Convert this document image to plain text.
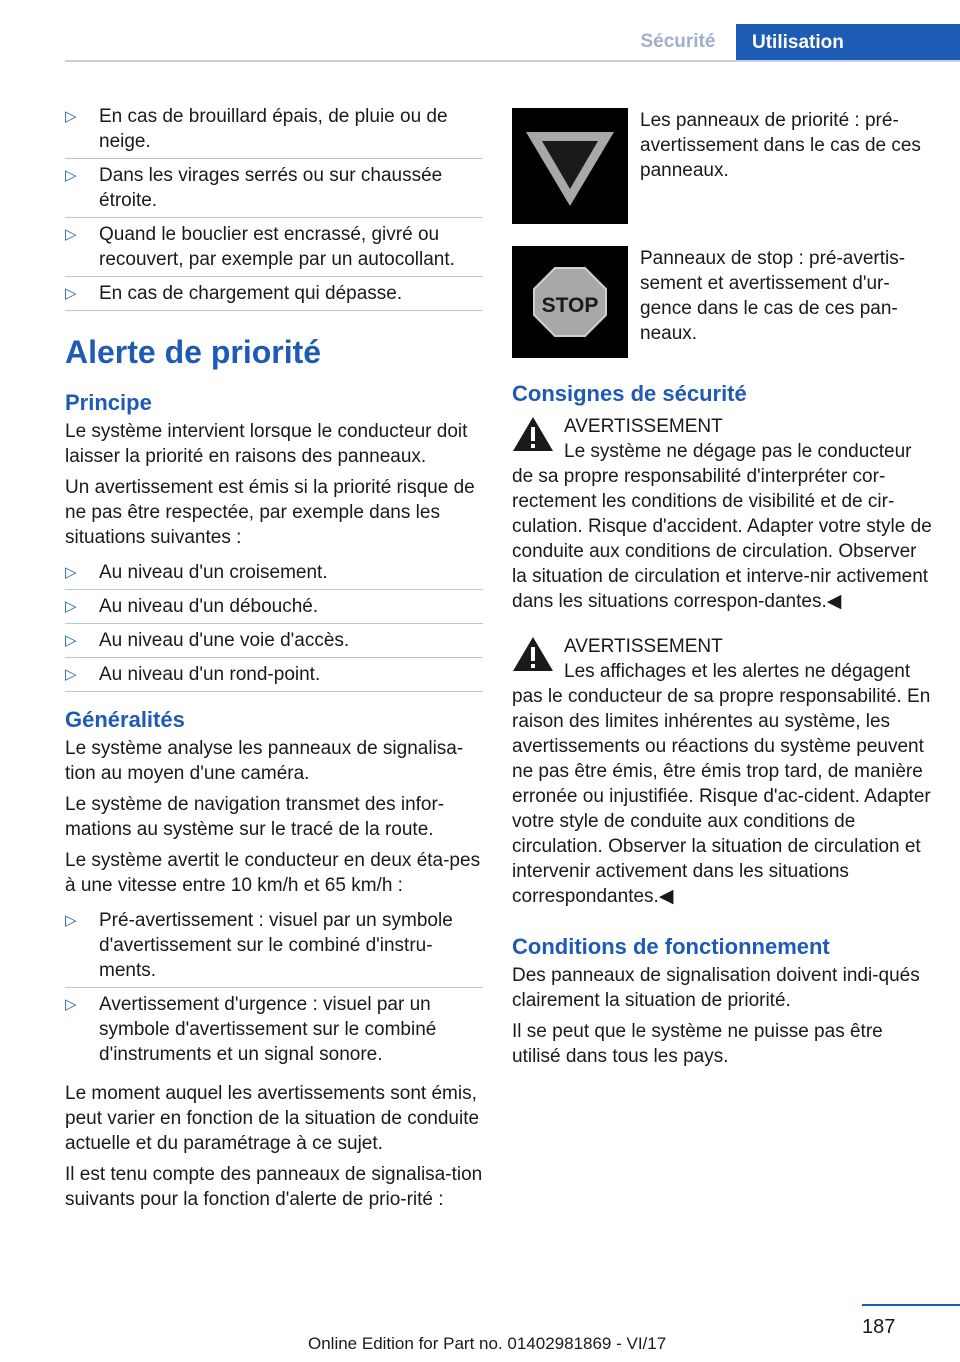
Sécurité	Utilisation
▷ En cas de brouillard épais, de pluie ou de neige.
▷ Dans les virages serrés ou sur chaussée étroite.
▷ Quand le bouclier est encrassé, givré ou recouvert, par exemple par un autocollant.
▷ En cas de chargement qui dépasse.
Alerte de priorité
Principe

Le système intervient lorsque le conducteur doit laisser la priorité en raisons des panneaux.

Un avertissement est émis si la priorité risque de ne pas être respectée, par exemple dans les situations suivantes :

▷ Au niveau d'un croisement.
▷ Au niveau d'un débouché.
▷ Au niveau d'une voie d'accès.
▷ Au niveau d'un rond-point.
Généralités

Le système analyse les panneaux de signalisa-tion au moyen d'une caméra.

Le système de navigation transmet des infor-mations au système sur le tracé de la route.

Le système avertit le conducteur en deux éta-pes à une vitesse entre 10 km/h et 65 km/h :

▷ Pré-avertissement : visuel par un symbole d'avertissement sur le combiné d'instru-ments.
▷ Avertissement d'urgence : visuel par un symbole d'avertissement sur le combiné d'instruments et un signal sonore.

Le moment auquel les avertissements sont émis, peut varier en fonction de la situation de conduite actuelle et du paramétrage à ce sujet.

Il est tenu compte des panneaux de signalisa-tion suivants pour la fonction d'alerte de prio-rité :

Les panneaux de priorité : pré-avertissement dans le cas de ces panneaux.
STOP
Panneaux de stop : pré-avertis-sement et avertissement d'ur-gence dans le cas de ces pan-neaux.
Consignes de sécurité
AVERTISSEMENT

Le système ne dégage pas le conducteur de sa propre responsabilité d'interpréter cor-rectement les conditions de visibilité et de cir-culation. Risque d'accident. Adapter votre style de conduite aux conditions de circulation. Observer la situation de circulation et interve-nir activement dans les situations correspon-dantes.◀

AVERTISSEMENT

Les affichages et les alertes ne dégagent pas le conducteur de sa propre responsabilité. En raison des limites inhérentes au système, les avertissements ou réactions du système peuvent ne pas être émis, être émis trop tard, de manière erronée ou injustifiée. Risque d'ac-cident. Adapter votre style de conduite aux conditions de circulation. Observer la situation de circulation et intervenir activement dans les situations correspondantes.◀

Conditions de fonctionnement

Des panneaux de signalisation doivent indi-qués clairement la situation de priorité.

Il se peut que le système ne puisse pas être utilisé dans tous les pays.

187
Online Edition for Part no. 01402981869 - VI/17
